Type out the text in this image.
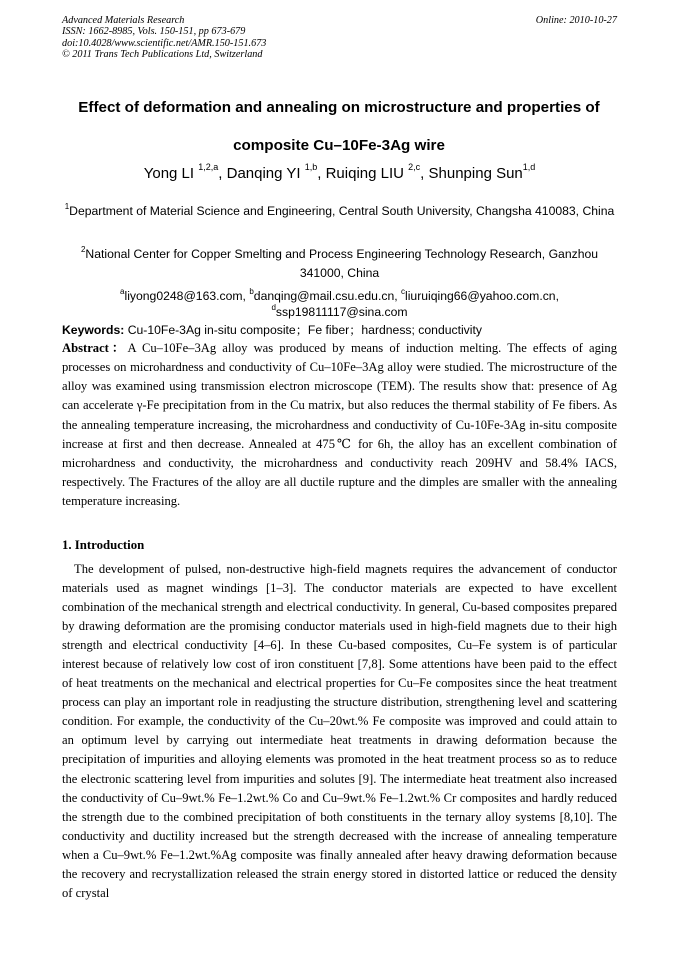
Advanced Materials Research	Online: 2010-10-27
ISSN: 1662-8985, Vols. 150-151, pp 673-679
doi:10.4028/www.scientific.net/AMR.150-151.673
© 2011 Trans Tech Publications Ltd, Switzerland
Effect of deformation and annealing on microstructure and properties of
composite Cu–10Fe-3Ag wire
Yong LI $^{1,2,a}$, Danqing YI $^{1,b}$, Ruiqing LIU $^{2,c}$, Shunping Sun$^{1,d}$
$^1$Department of Material Science and Engineering, Central South University, Changsha 410083, China
$^2$National Center for Copper Smelting and Process Engineering Technology Research, Ganzhou 341000, China
$^a$liyong0248@163.com, $^b$danqing@mail.csu.edu.cn, $^c$liuruiqing66@yahoo.com.cn,
$^d$ssp19811117@sina.com
Keywords: Cu-10Fe-3Ag in-situ composite；Fe fiber；hardness; conductivity
Abstract：A Cu–10Fe–3Ag alloy was produced by means of induction melting. The effects of aging processes on microhardness and conductivity of Cu–10Fe–3Ag alloy were studied. The microstructure of the alloy was examined using transmission electron microscope (TEM). The results show that: presence of Ag can accelerate γ-Fe precipitation from in the Cu matrix, but also reduces the thermal stability of Fe fibers. As the annealing temperature increasing, the microhardness and conductivity of Cu-10Fe-3Ag in-situ composite increase at first and then decrease. Annealed at 475℃ for 6h, the alloy has an excellent combination of microhardness and conductivity, the microhardness and conductivity reach 209HV and 58.4% IACS, respectively. The Fractures of the alloy are all ductile rupture and the dimples are smaller with the annealing temperature increasing.
1. Introduction
The development of pulsed, non-destructive high-field magnets requires the advancement of conductor materials used as magnet windings [1–3]. The conductor materials are expected to have excellent combination of the mechanical strength and electrical conductivity. In general, Cu-based composites prepared by drawing deformation are the promising conductor materials used in high-field magnets due to their high strength and electrical conductivity [4–6]. In these Cu-based composites, Cu–Fe system is of particular interest because of relatively low cost of iron constituent [7,8]. Some attentions have been paid to the effect of heat treatments on the mechanical and electrical properties for Cu–Fe composites since the heat treatment process can play an important role in readjusting the structure distribution, strengthening level and scattering condition. For example, the conductivity of the Cu–20wt.% Fe composite was improved and could attain to an optimum level by carrying out intermediate heat treatments in drawing deformation because the precipitation of impurities and alloying elements was promoted in the heat treatment process so as to reduce the electronic scattering level from impurities and solutes [9]. The intermediate heat treatment also increased the conductivity of Cu–9wt.% Fe–1.2wt.% Co and Cu–9wt.% Fe–1.2wt.% Cr composites and hardly reduced the strength due to the combined precipitation of both constituents in the ternary alloy systems [8,10]. The conductivity and ductility increased but the strength decreased with the increase of annealing temperature when a Cu–9wt.% Fe–1.2wt.%Ag composite was finally annealed after heavy drawing deformation because the recovery and recrystallization released the strain energy stored in distorted lattice or reduced the density of crystal
